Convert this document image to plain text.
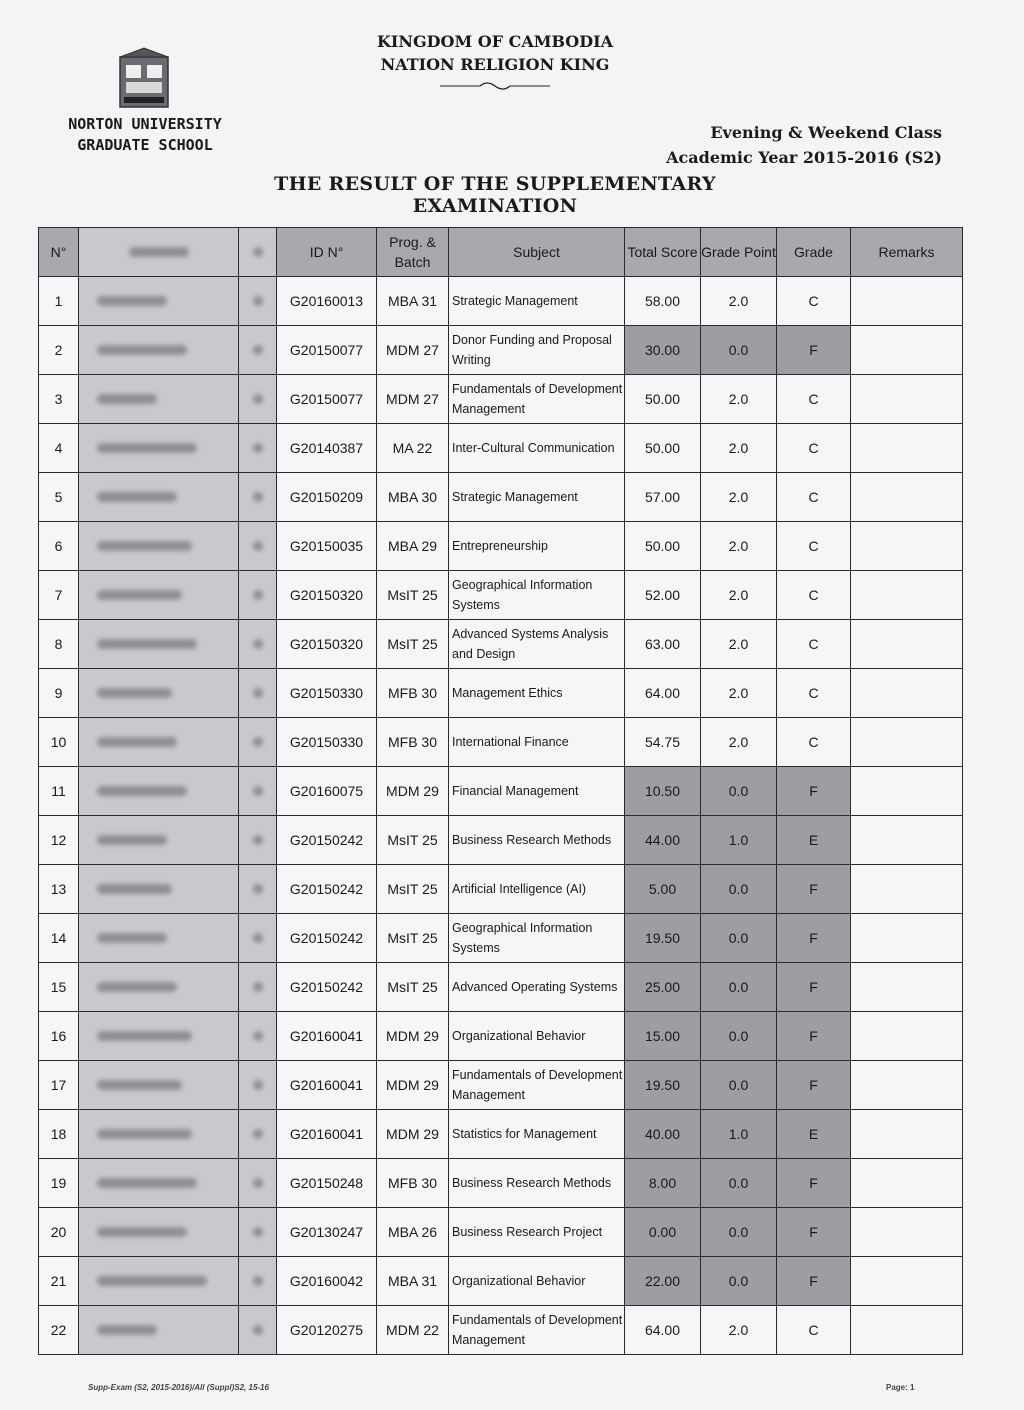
NORTON UNIVERSITY
GRADUATE SCHOOL
KINGDOM OF CAMBODIA
NATION RELIGION KING
Evening & Weekend Class
Academic Year 2015-2016 (S2)
THE RESULT OF THE SUPPLEMENTARY EXAMINATION
N°			ID N°	Prog. & Batch	Subject	Total Score	Grade Point	Grade	Remarks
1			G20160013	MBA 31	Strategic Management	58.00	2.0	C	
2			G20150077	MDM 27	Donor Funding and Proposal Writing	30.00	0.0	F	
3			G20150077	MDM 27	Fundamentals of Development Management	50.00	2.0	C	
4			G20140387	MA 22	Inter-Cultural Communication	50.00	2.0	C	
5			G20150209	MBA 30	Strategic Management	57.00	2.0	C	
6			G20150035	MBA 29	Entrepreneurship	50.00	2.0	C	
7			G20150320	MsIT 25	Geographical Information Systems	52.00	2.0	C	
8			G20150320	MsIT 25	Advanced Systems Analysis and Design	63.00	2.0	C	
9			G20150330	MFB 30	Management Ethics	64.00	2.0	C	
10			G20150330	MFB 30	International Finance	54.75	2.0	C	
11			G20160075	MDM 29	Financial Management	10.50	0.0	F	
12			G20150242	MsIT 25	Business Research Methods	44.00	1.0	E	
13			G20150242	MsIT 25	Artificial Intelligence (AI)	5.00	0.0	F	
14			G20150242	MsIT 25	Geographical Information Systems	19.50	0.0	F	
15			G20150242	MsIT 25	Advanced Operating Systems	25.00	0.0	F	
16			G20160041	MDM 29	Organizational Behavior	15.00	0.0	F	
17			G20160041	MDM 29	Fundamentals of Development Management	19.50	0.0	F	
18			G20160041	MDM 29	Statistics for Management	40.00	1.0	E	
19			G20150248	MFB 30	Business Research Methods	8.00	0.0	F	
20			G20130247	MBA 26	Business Research Project	0.00	0.0	F	
21			G20160042	MBA 31	Organizational Behavior	22.00	0.0	F	
22			G20120275	MDM 22	Fundamentals of Development Management	64.00	2.0	C	
Supp-Exam (S2, 2015-2016)/All (Suppl)S2, 15-16	Page: 1
